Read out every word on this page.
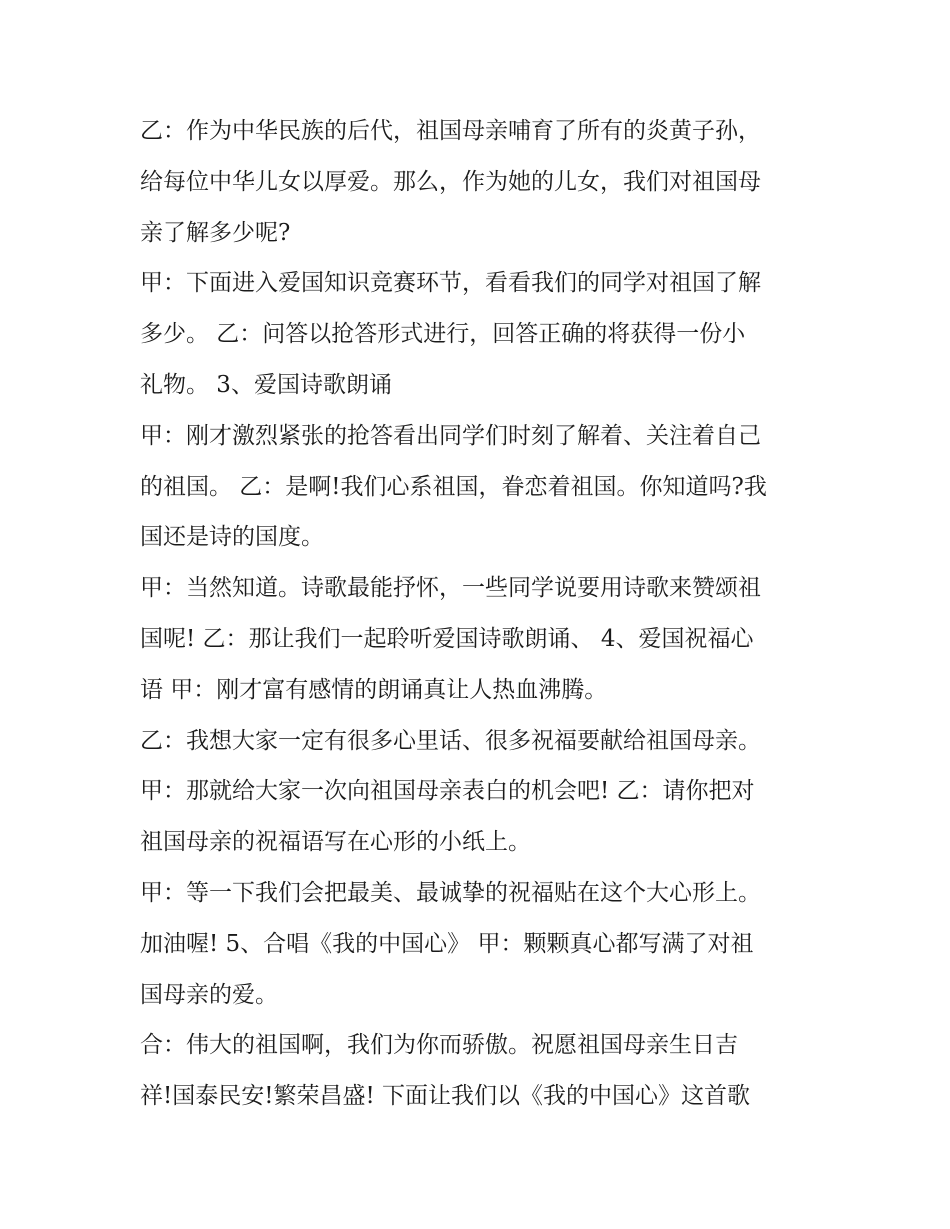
乙：作为中华民族的后代，祖国母亲哺育了所有的炎黄子孙，
给每位中华儿女以厚爱。那么，作为她的儿女，我们对祖国母
亲了解多少呢?
甲：下面进入爱国知识竞赛环节，看看我们的同学对祖国了解
多少。 乙：问答以抢答形式进行，回答正确的将获得一份小
礼物。 3、爱国诗歌朗诵
甲：刚才激烈紧张的抢答看出同学们时刻了解着、关注着自己
的祖国。 乙：是啊!我们心系祖国，眷恋着祖国。你知道吗?我
国还是诗的国度。
甲：当然知道。诗歌最能抒怀，一些同学说要用诗歌来赞颂祖
国呢! 乙：那让我们一起聆听爱国诗歌朗诵、 4、爱国祝福心
语 甲：刚才富有感情的朗诵真让人热血沸腾。
乙：我想大家一定有很多心里话、很多祝福要献给祖国母亲。
甲：那就给大家一次向祖国母亲表白的机会吧! 乙：请你把对
祖国母亲的祝福语写在心形的小纸上。
甲：等一下我们会把最美、最诚挚的祝福贴在这个大心形上。
加油喔! 5、合唱《我的中国心》 甲：颗颗真心都写满了对祖
国母亲的爱。
合：伟大的祖国啊，我们为你而骄傲。祝愿祖国母亲生日吉
祥!国泰民安!繁荣昌盛! 下面让我们以《我的中国心》这首歌
